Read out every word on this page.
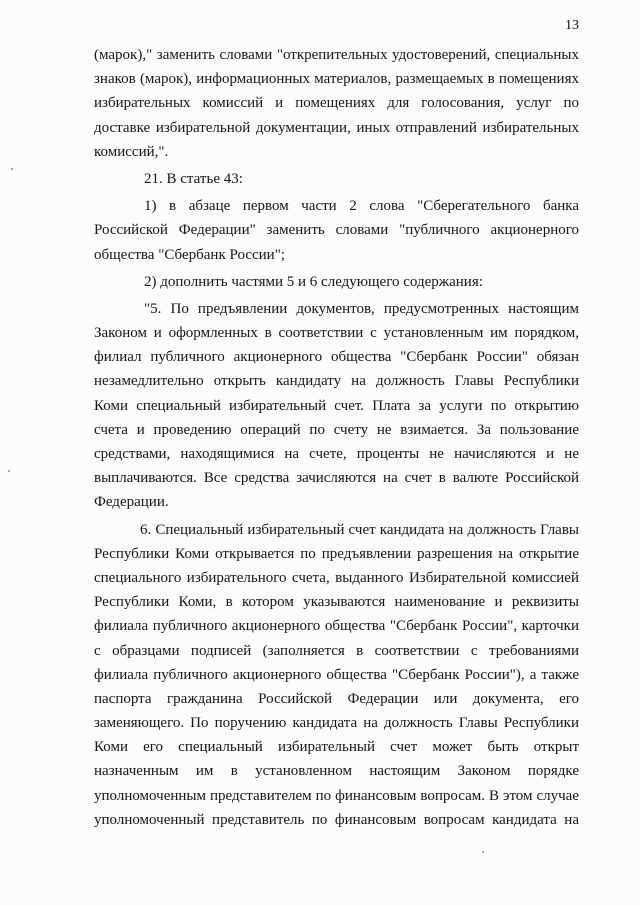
13
(марок)," заменить словами "открепительных удостоверений, специальных
знаков (марок), информационных материалов, размещаемых в помещениях
избирательных комиссий и помещениях для голосования, услуг по
доставке избирательной документации, иных отправлений избирательных
комиссий,".
21. В статье 43:
1) в абзаце первом части 2 слова "Сберегательного банка
Российской Федерации" заменить словами "публичного акционерного
общества "Сбербанк России";
2) дополнить частями 5 и 6 следующего содержания:
"5. По предъявлении документов, предусмотренных настоящим
Законом и оформленных в соответствии с установленным им порядком,
филиал публичного акционерного общества "Сбербанк России" обязан
незамедлительно открыть кандидату на должность Главы Республики
Коми специальный избирательный счет. Плата за услуги по открытию
счета и проведению операций по счету не взимается. За пользование
средствами, находящимися на счете, проценты не начисляются и не
выплачиваются. Все средства зачисляются на счет в валюте Российской
Федерации.
6. Специальный избирательный счет кандидата на должность Главы
Республики Коми открывается по предъявлении разрешения на открытие
специального избирательного счета, выданного Избирательной комиссией
Республики Коми, в котором указываются наименование и реквизиты
филиала публичного акционерного общества "Сбербанк России", карточки
с образцами подписей (заполняется в соответствии с требованиями
филиала публичного акционерного общества "Сбербанк России"), а также
паспорта гражданина Российской Федерации или документа, его
заменяющего. По поручению кандидата на должность Главы Республики
Коми его специальный избирательный счет может быть открыт
назначенным им в установленном настоящим Законом порядке
уполномоченным представителем по финансовым вопросам. В этом случае
уполномоченный представитель по финансовым вопросам кандидата на
